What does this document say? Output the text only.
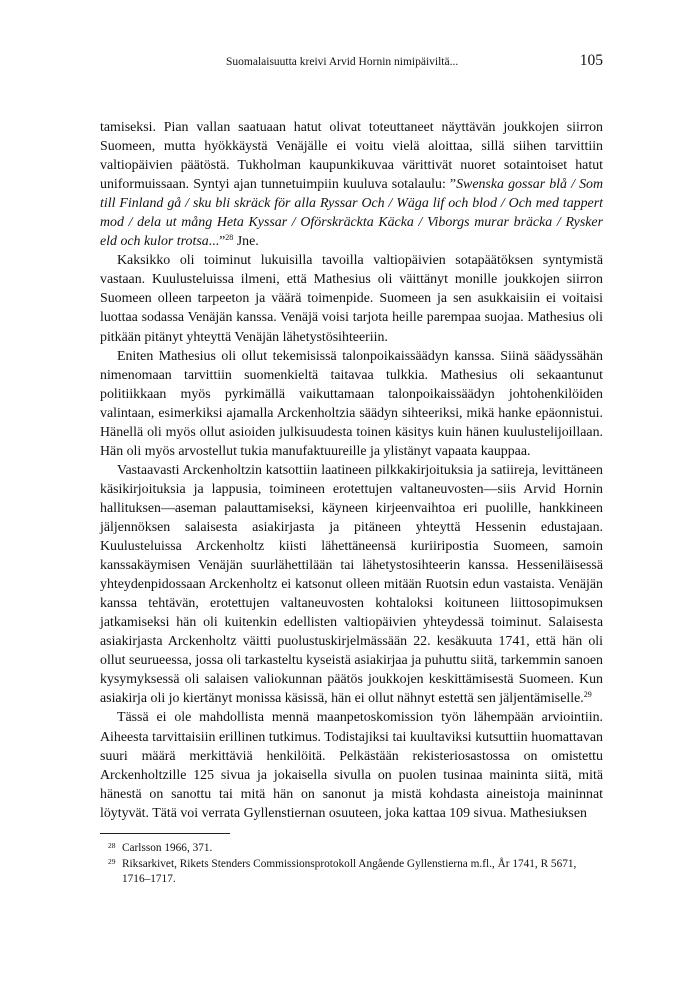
Suomalaisuutta kreivi Arvid Hornin nimipäiviltä...	105

tamiseksi. Pian vallan saatuaan hatut olivat toteuttaneet näyttävän joukkojen siirron Suomeen, mutta hyökkäystä Venäjälle ei voitu vielä aloittaa, sillä siihen tarvittiin valtiopäivien päätöstä. Tukholman kaupunkikuvaa värittivät nuoret sotaintoiset hatut uniformuissaan. Syntyi ajan tunnetuimpiin kuuluva sotalaulu: ”Swenska gossar blå / Som till Finland gå / sku bli skräck för alla Ryssar Och / Wäga lif och blod / Och med tappert mod / dela ut mång Heta Kyssar / Oförskräckta Käcka / Viborgs murar bräcka / Rysker eld och kulor trotsa...”$^{28}$ Jne.

Kaksikko oli toiminut lukuisilla tavoilla valtiopäivien sotapäätöksen syntymistä vastaan. Kuulusteluissa ilmeni, että Mathesius oli väittänyt monille joukkojen siirron Suomeen olleen tarpeeton ja väärä toimenpide. Suomeen ja sen asukkaisiin ei voitaisi luottaa sodassa Venäjän kanssa. Venäjä voisi tarjota heille parempaa suojaa. Mathesius oli pitkään pitänyt yhteyttä Venäjän lähetystösihteeriin.

Eniten Mathesius oli ollut tekemisissä talonpoikaissäädyn kanssa. Siinä säädyssähän nimenomaan tarvittiin suomenkieltä taitavaa tulkkia. Mathesius oli sekaantunut politiikkaan myös pyrkimällä vaikuttamaan talonpoikaissäädyn johtohenkilöiden valintaan, esimerkiksi ajamalla Arckenholtzia säädyn sihteeriksi, mikä hanke epäonnistui. Hänellä oli myös ollut asioiden julkisuudesta toinen käsitys kuin hänen kuulustelijoillaan. Hän oli myös arvostellut tukia manufaktuureille ja ylistänyt vapaata kauppaa.

Vastaavasti Arckenholtzin katsottiin laatineen pilkkakirjoituksia ja satiireja, levittäneen käsikirjoituksia ja lappusia, toimineen erotettujen valtaneuvosten—siis Arvid Hornin hallituksen—aseman palauttamiseksi, käyneen kirjeenvaihtoa eri puolille, hankkineen jäljennöksen salaisesta asiakirjasta ja pitäneen yhteyttä Hessenin edustajaan. Kuulusteluissa Arckenholtz kiisti lähettäneensä kuriiripostia Suomeen, samoin kanssakäymisen Venäjän suurlähettilään tai lähetystosihteerin kanssa. Hesseniläisessä yhteydenpidossaan Arckenholtz ei katsonut olleen mitään Ruotsin edun vastaista. Venäjän kanssa tehtävän, erotettujen valtaneuvosten kohtaloksi koituneen liittosopimuksen jatkamiseksi hän oli kuitenkin edellisten valtiopäivien yhteydessä toiminut. Salaisesta asiakirjasta Arckenholtz väitti puolustuskirjelmässään 22. kesäkuuta 1741, että hän oli ollut seurueessa, jossa oli tarkasteltu kyseistä asiakirjaa ja puhuttu siitä, tarkemmin sanoen kysymyksessä oli salaisen valiokunnan päätös joukkojen keskittämisestä Suomeen. Kun asiakirja oli jo kiertänyt monissa käsissä, hän ei ollut nähnyt estettä sen jäljentämiselle.$^{29}$

Tässä ei ole mahdollista mennä maanpetoskomission työn lähempään arviointiin. Aiheesta tarvittaisiin erillinen tutkimus. Todistajiksi tai kuultaviksi kutsuttiin huomattavan suuri määrä merkittäviä henkilöitä. Pelkästään rekisteriosastossa on omistettu Arckenholtzille 125 sivua ja jokaisella sivulla on puolen tusinaa maininta siitä, mitä hänestä on sanottu tai mitä hän on sanonut ja mistä kohdasta aineistoja maininnat löytyvät. Tätä voi verrata Gyllenstiernan osuuteen, joka kattaa 109 sivua. Mathesiuksen

28 Carlsson 1966, 371.
29 Riksarkivet, Rikets Stenders Commissionsprotokoll Angående Gyllenstierna m.fl., År 1741, R 5671, 1716–1717.
